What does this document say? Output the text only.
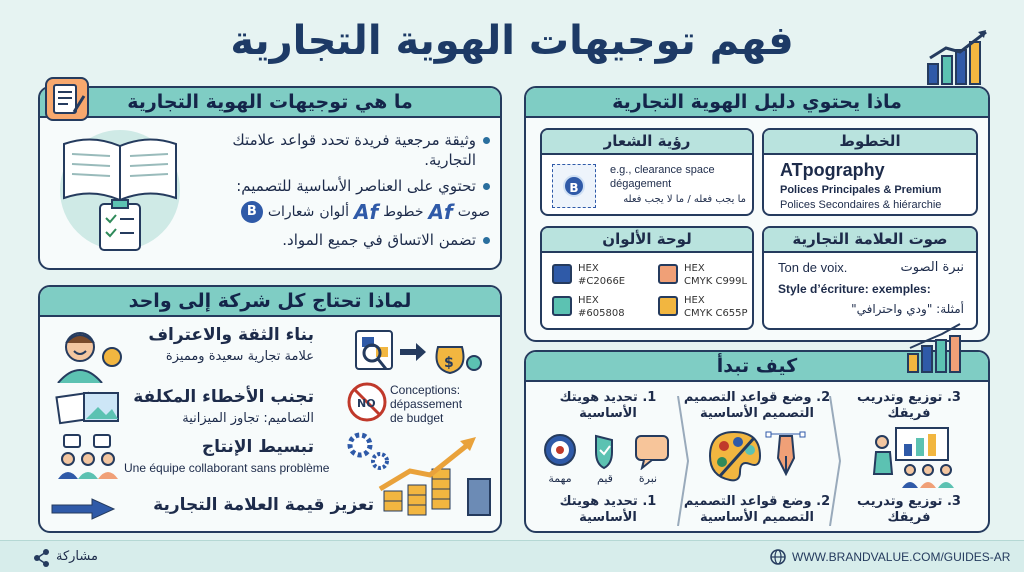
فهم توجيهات الهوية التجارية
ما هي توجيهات الهوية التجارية
وثيقة مرجعية فريدة تحدد قواعد علامتك التجارية.
تحتوي على العناصر الأساسية للتصميم:
صوت
Af
خطوط
Af
ألوان
شعارات
B
تضمن الاتساق في جميع المواد.
ماذا يحتوي دليل الهوية التجارية
الخطوط
ATpography
Polices Principales & Premium
Polices Secondaires & hiérarchie
رؤية الشعار
B
e.g., clearance space
dégagement
ما يجب فعله / ما لا يجب فعله
لوحة الألوان
HEX
#C2066E
HEX
CMYK C999L
HEX
#605808
HEX
CMYK C655P
صوت العلامة التجارية
Ton de voix.	نبرة الصوت
Style d’écriture: exemples:
أمثلة: "ودي واحترافي"
لماذا تحتاج كل شركة إلى واحد
بناء الثقة والاعتراف
علامة تجارية سعيدة ومميزة
تجنب الأخطاء المكلفة
التصاميم: تجاوز الميزانية
تبسيط الإنتاج
Une équipe collaborant sans problème
تعزيز قيمة العلامة التجارية
$
NO
Conceptions:
dépassement
de budget
كيف تبدأ
1. تحديد هويتك الأساسية
2. وضع قواعد التصميم التصميم الأساسية
3. توزيع وتدريب فريقك
مهمة	قيم	نبرة
1. تحديد هويتك الأساسية
2. وضع قواعد التصميم التصميم الأساسية
3. توزيع وتدريب فريقك
مشاركة	WWW.BRANDVALUE.COM/GUIDES-AR
